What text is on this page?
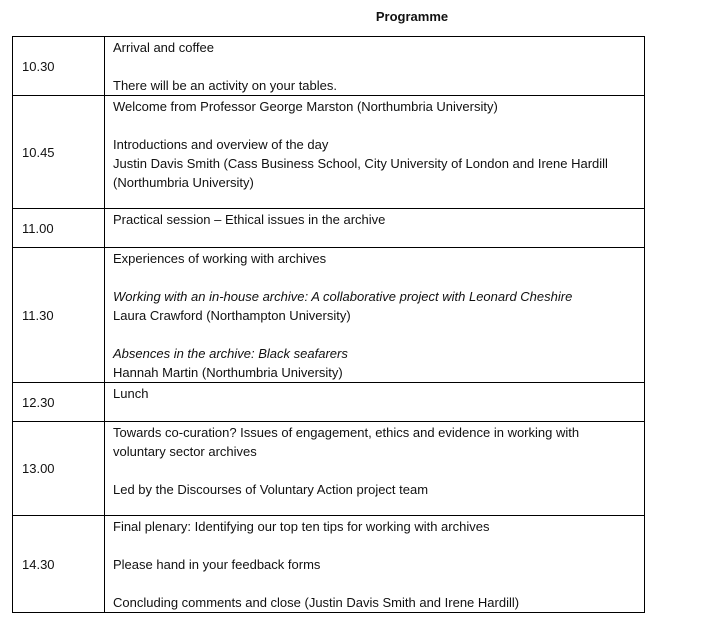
Programme
10.30	Arrival and coffee
There will be an activity on your tables.

10.45	Welcome from Professor George Marston (Northumbria University)
Introductions and overview of the day
Justin Davis Smith (Cass Business School, City University of London and Irene Hardill
(Northumbria University)

11.00	Practical session – Ethical issues in the archive

11.30	Experiences of working with archives
Working with an in-house archive: A collaborative project with Leonard Cheshire
Laura Crawford (Northampton University)
Absences in the archive: Black seafarers
Hannah Martin (Northumbria University)

12.30	Lunch

13.00	Towards co-curation? Issues of engagement, ethics and evidence in working with
voluntary sector archives
Led by the Discourses of Voluntary Action project team

14.30	Final plenary: Identifying our top ten tips for working with archives
Please hand in your feedback forms
Concluding comments and close (Justin Davis Smith and Irene Hardill)
